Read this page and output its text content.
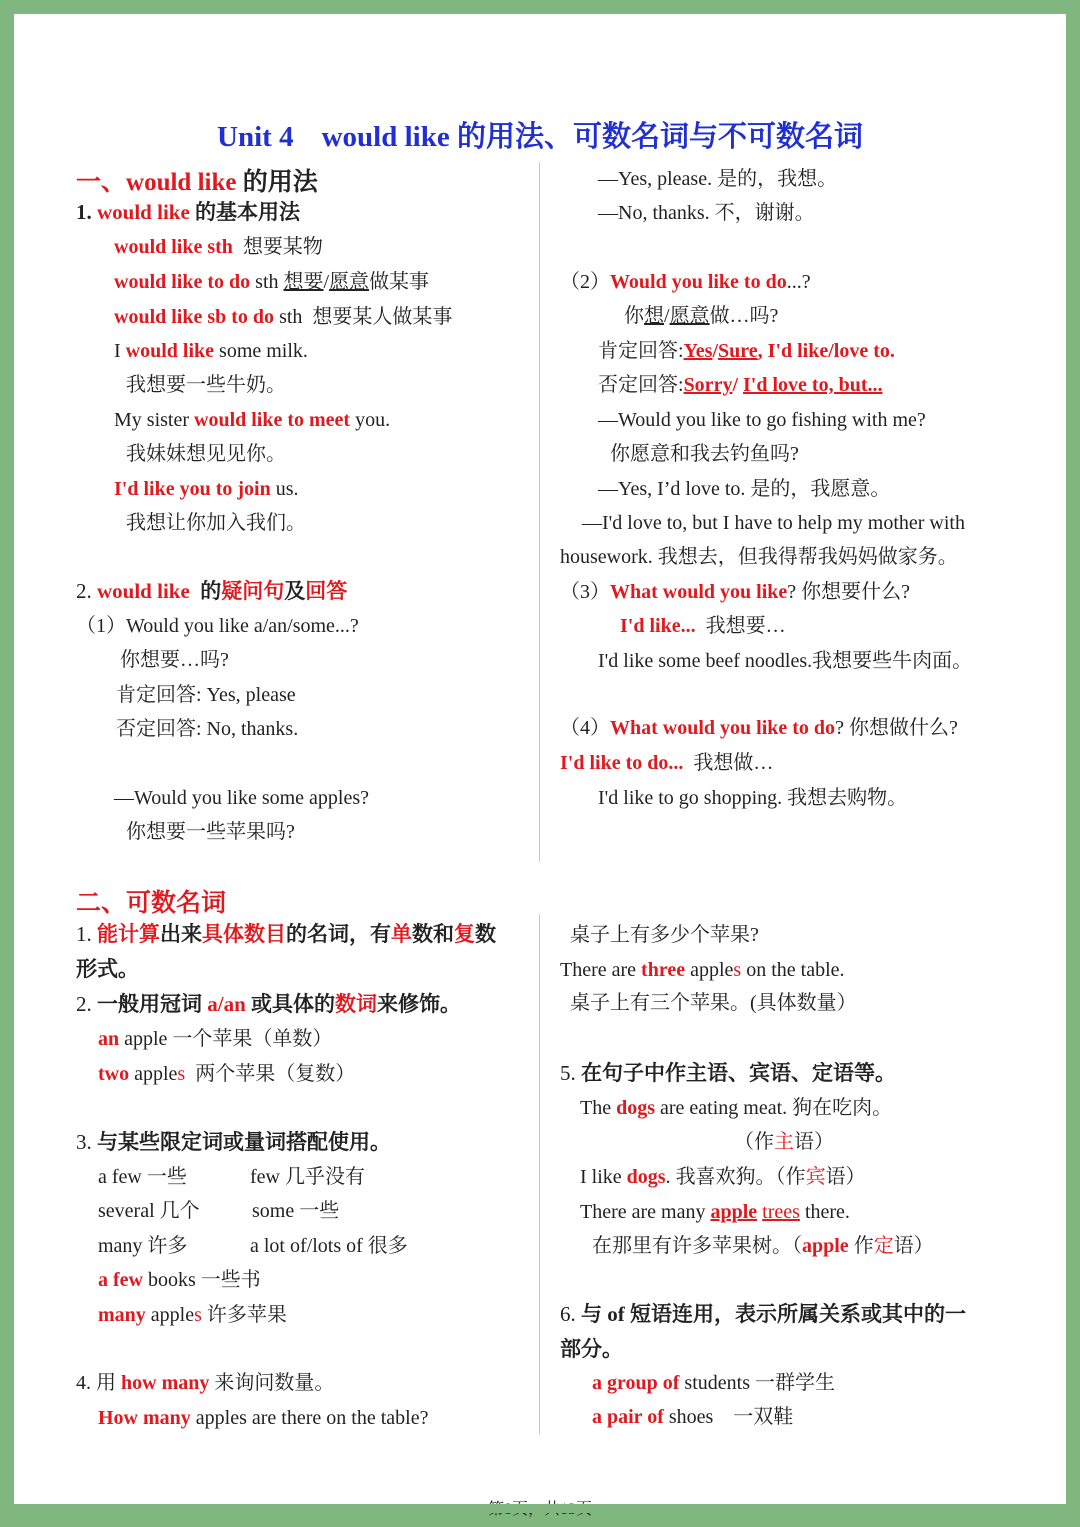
Unit 4 would like 的用法、可数名词与不可数名词
一、would like 的用法
1. would like 的基本用法
would like sth 想要某物
would like to do sth 想要/愿意做某事
would like sb to do sth 想要某人做某事
I would like some milk.
我想要一些牛奶。
My sister would like to meet you.
我妹妹想见见你。
I'd like you to join us.
我想让你加入我们。
2. would like 的疑问句及回答
（1）Would you like a/an/some...?
你想要…吗?
肯定回答: Yes, please
否定回答: No, thanks.
—Would you like some apples?
你想要一些苹果吗?
—Yes, please. 是的，我想。
—No, thanks. 不，谢谢。
（2）Would you like to do...?
你想/愿意做…吗?
肯定回答:Yes/Sure, I'd like/love to.
否定回答:Sorry/ I'd love to, but...
—Would you like to go fishing with me?
你愿意和我去钓鱼吗?
—Yes, I’d love to. 是的，我愿意。
—I'd love to, but I have to help my mother with
housework. 我想去，但我得帮我妈妈做家务。
（3）What would you like? 你想要什么?
I'd like... 我想要…
I'd like some beef noodles.我想要些牛肉面。
（4）What would you like to do? 你想做什么?
I'd like to do... 我想做…
I'd like to go shopping. 我想去购物。
二、可数名词
1. 能计算出来具体数目的名词，有单数和复数
形式。
2. 一般用冠词 a/an 或具体的数词来修饰。
an apple 一个苹果（单数）
two apples 两个苹果（复数）
3. 与某些限定词或量词搭配使用。
a few 一些	few 几乎没有
several 几个	some 一些
many 许多	a lot of/lots of 很多
a few books 一些书
many apples 许多苹果
4. 用 how many 来询问数量。
How many apples are there on the table?
桌子上有多少个苹果?
There are three apples on the table.
桌子上有三个苹果。(具体数量）
5. 在句子中作主语、宾语、定语等。
The dogs are eating meat. 狗在吃肉。
（作主语）
I like dogs. 我喜欢狗。（作宾语）
There are many apple trees there.
在那里有许多苹果树。（apple 作定语）
6. 与 of 短语连用，表示所属关系或其中的一
部分。
a group of students 一群学生
a pair of shoes    一双鞋
